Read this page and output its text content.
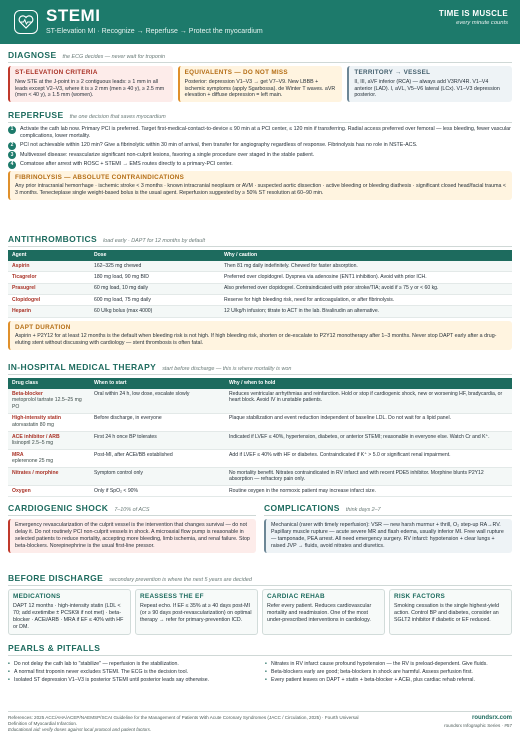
STEMI
ST-Elevation MI · Recognize → Reperfuse → Protect the myocardium
TIME IS MUSCLE
every minute counts
DIAGNOSE the ECG decides — never wait for troponin
ST-ELEVATION CRITERIA
New STE at the J-point in ≥ 2 contiguous leads: ≥ 1 mm in all leads except V2–V3, where it is ≥ 2 mm (men ≥ 40 y), ≥ 2.5 mm (men < 40 y), ≥ 1.5 mm (women).
EQUIVALENTS — DO NOT MISS
Posterior: depression V1–V3 → get V7–V9. New LBBB + ischemic symptoms (apply Sgarbossa). de Winter T waves. aVR elevation + diffuse depression = left main.
TERRITORY → VESSEL
II, III, aVF inferior (RCA) — always add V3R/V4R. V1–V4 anterior (LAD). I, aVL, V5–V6 lateral (LCx). V1–V3 depression posterior.
REPERFUSE the one decision that saves myocardium
1	Activate the cath lab now. Primary PCI is preferred. Target first-medical-contact-to-device ≤ 90 min at a PCI center, ≤ 120 min if transferring. Radial access preferred over femoral — less bleeding, fewer vascular complications, lower mortality.
2	PCI not achievable within 120 min? Give a fibrinolytic within 30 min of arrival, then transfer for angiography regardless of response. Fibrinolysis has no role in NSTE-ACS.
3	Multivessel disease: revascularize significant non-culprit lesions, favoring a single procedure over staged in the stable patient.
4	Comatose after arrest with ROSC + STEMI → EMS routes directly to a primary-PCI center.
FIBRINOLYSIS — ABSOLUTE CONTRAINDICATIONS
Any prior intracranial hemorrhage · ischemic stroke < 3 months · known intracranial neoplasm or AVM · suspected aortic dissection · active bleeding or bleeding diathesis · significant closed head/facial trauma < 3 months. Tenecteplase single weight-based bolus is the usual agent. Reperfusion suggested by ≥ 50% ST resolution at 60–90 min.
ANTITHROMBOTICS load early · DAPT for 12 months by default
Agent	Dose	Why / caution
Aspirin	162–325 mg chewed	Then 81 mg daily indefinitely. Chewed for faster absorption.
Ticagrelor	180 mg load, 90 mg BID	Preferred over clopidogrel. Dyspnea via adenosine (ENT1 inhibition). Avoid with prior ICH.
Prasugrel	60 mg load, 10 mg daily	Also preferred over clopidogrel. Contraindicated with prior stroke/TIA; avoid if ≥ 75 y or < 60 kg.
Clopidogrel	600 mg load, 75 mg daily	Reserve for high bleeding risk, need for anticoagulation, or after fibrinolysis.
Heparin	60 U/kg bolus (max 4000)	12 U/kg/h infusion; titrate to ACT in the lab. Bivalirudin an alternative.
DAPT DURATION
Aspirin + P2Y12 for at least 12 months is the default when bleeding risk is not high. If high bleeding risk, shorten or de-escalate to P2Y12 monotherapy after 1–3 months. Never stop DAPT early after a drug-eluting stent without discussing with cardiology — stent thrombosis is often fatal.
IN-HOSPITAL MEDICAL THERAPY start before discharge — this is where mortality is won
Drug class	When to start	Why / when to hold

Beta-blocker
metoprolol tartrate 12.5–25 mg PO	Oral within 24 h, low dose, escalate slowly	Reduces ventricular arrhythmias and reinfarction. Hold or stop if cardiogenic shock, new or worsening HF, bradycardia, or heart block. Avoid IV in unstable patients.

High-intensity statin
atorvastatin 80 mg	Before discharge, in everyone	Plaque stabilization and event reduction independent of baseline LDL. Do not wait for a lipid panel.

ACE inhibitor / ARB
lisinopril 2.5–5 mg	First 24 h once BP tolerates	Indicated if LVEF ≤ 40%, hypertension, diabetes, or anterior STEMI; reasonable in everyone else. Watch Cr and K⁺.

MRA
eplerenone 25 mg	Post-MI, after ACEi/BB established	Add if LVEF ≤ 40% with HF or diabetes. Contraindicated if K⁺ > 5.0 or significant renal impairment.

Nitrates / morphine	Symptom control only	No mortality benefit. Nitrates contraindicated in RV infarct and with recent PDE5 inhibitor. Morphine blunts P2Y12 absorption — refractory pain only.

Oxygen	Only if SpO₂ < 90%	Routine oxygen in the normoxic patient may increase infarct size.
CARDIOGENIC SHOCK 7–10% of ACS
Emergency revascularization of the culprit vessel is the intervention that changes survival — do not delay it. Do not routinely PCI non-culprit vessels in shock. A microaxial flow pump is reasonable in selected patients to reduce mortality, accepting more bleeding, limb ischemia, and renal failure. Stop beta-blockers. Norepinephrine is the usual first-line pressor.
COMPLICATIONS think days 2–7
Mechanical (rarer with timely reperfusion): VSR — new harsh murmur + thrill, O₂ step-up RA→RV. Papillary muscle rupture — acute severe MR and flash edema, usually inferior MI. Free wall rupture — tamponade, PEA arrest. All need emergency surgery. RV infarct: hypotension + clear lungs + raised JVP → fluids, avoid nitrates and diuretics.
BEFORE DISCHARGE secondary prevention is where the next 5 years are decided
MEDICATIONS
DAPT 12 months · high-intensity statin (LDL < 70; add ezetimibe ± PCSK9i if not met) · beta-blocker · ACEi/ARB · MRA if EF ≤ 40% with HF or DM.
REASSESS THE EF
Repeat echo. If EF ≤ 35% at ≥ 40 days post-MI (or ≥ 90 days post-revascularization) on optimal therapy → refer for primary-prevention ICD.
CARDIAC REHAB
Refer every patient. Reduces cardiovascular mortality and readmission. One of the most under-prescribed interventions in cardiology.
RISK FACTORS
Smoking cessation is the single highest-yield action. Control BP and diabetes, consider an SGLT2 inhibitor if diabetic or EF reduced.
PEARLS & PITFALLS
• Do not delay the cath lab to "stabilize" — reperfusion is the stabilization.
• A normal first troponin never excludes STEMI. The ECG is the decision tool.
• Isolated ST depression V1–V3 is posterior STEMI until posterior leads say otherwise.
• Nitrates in RV infarct cause profound hypotension — the RV is preload-dependent. Give fluids.
• Beta-blockers early are good; beta-blockers in shock are harmful. Assess perfusion first.
• Every patient leaves on DAPT + statin + beta-blocker + ACEi, plus cardiac rehab referral.
References: 2025 ACC/AHA/ACEP/NAEMSP/SCAI Guideline for the Management of Patients With Acute Coronary Syndromes (JACC / Circulation, 2025) · Fourth Universal Definition of Myocardial Infarction.
Educational aid: verify doses against local protocol and patient factors.
roundsrx.com
roundsrx Infographic Series · #57
